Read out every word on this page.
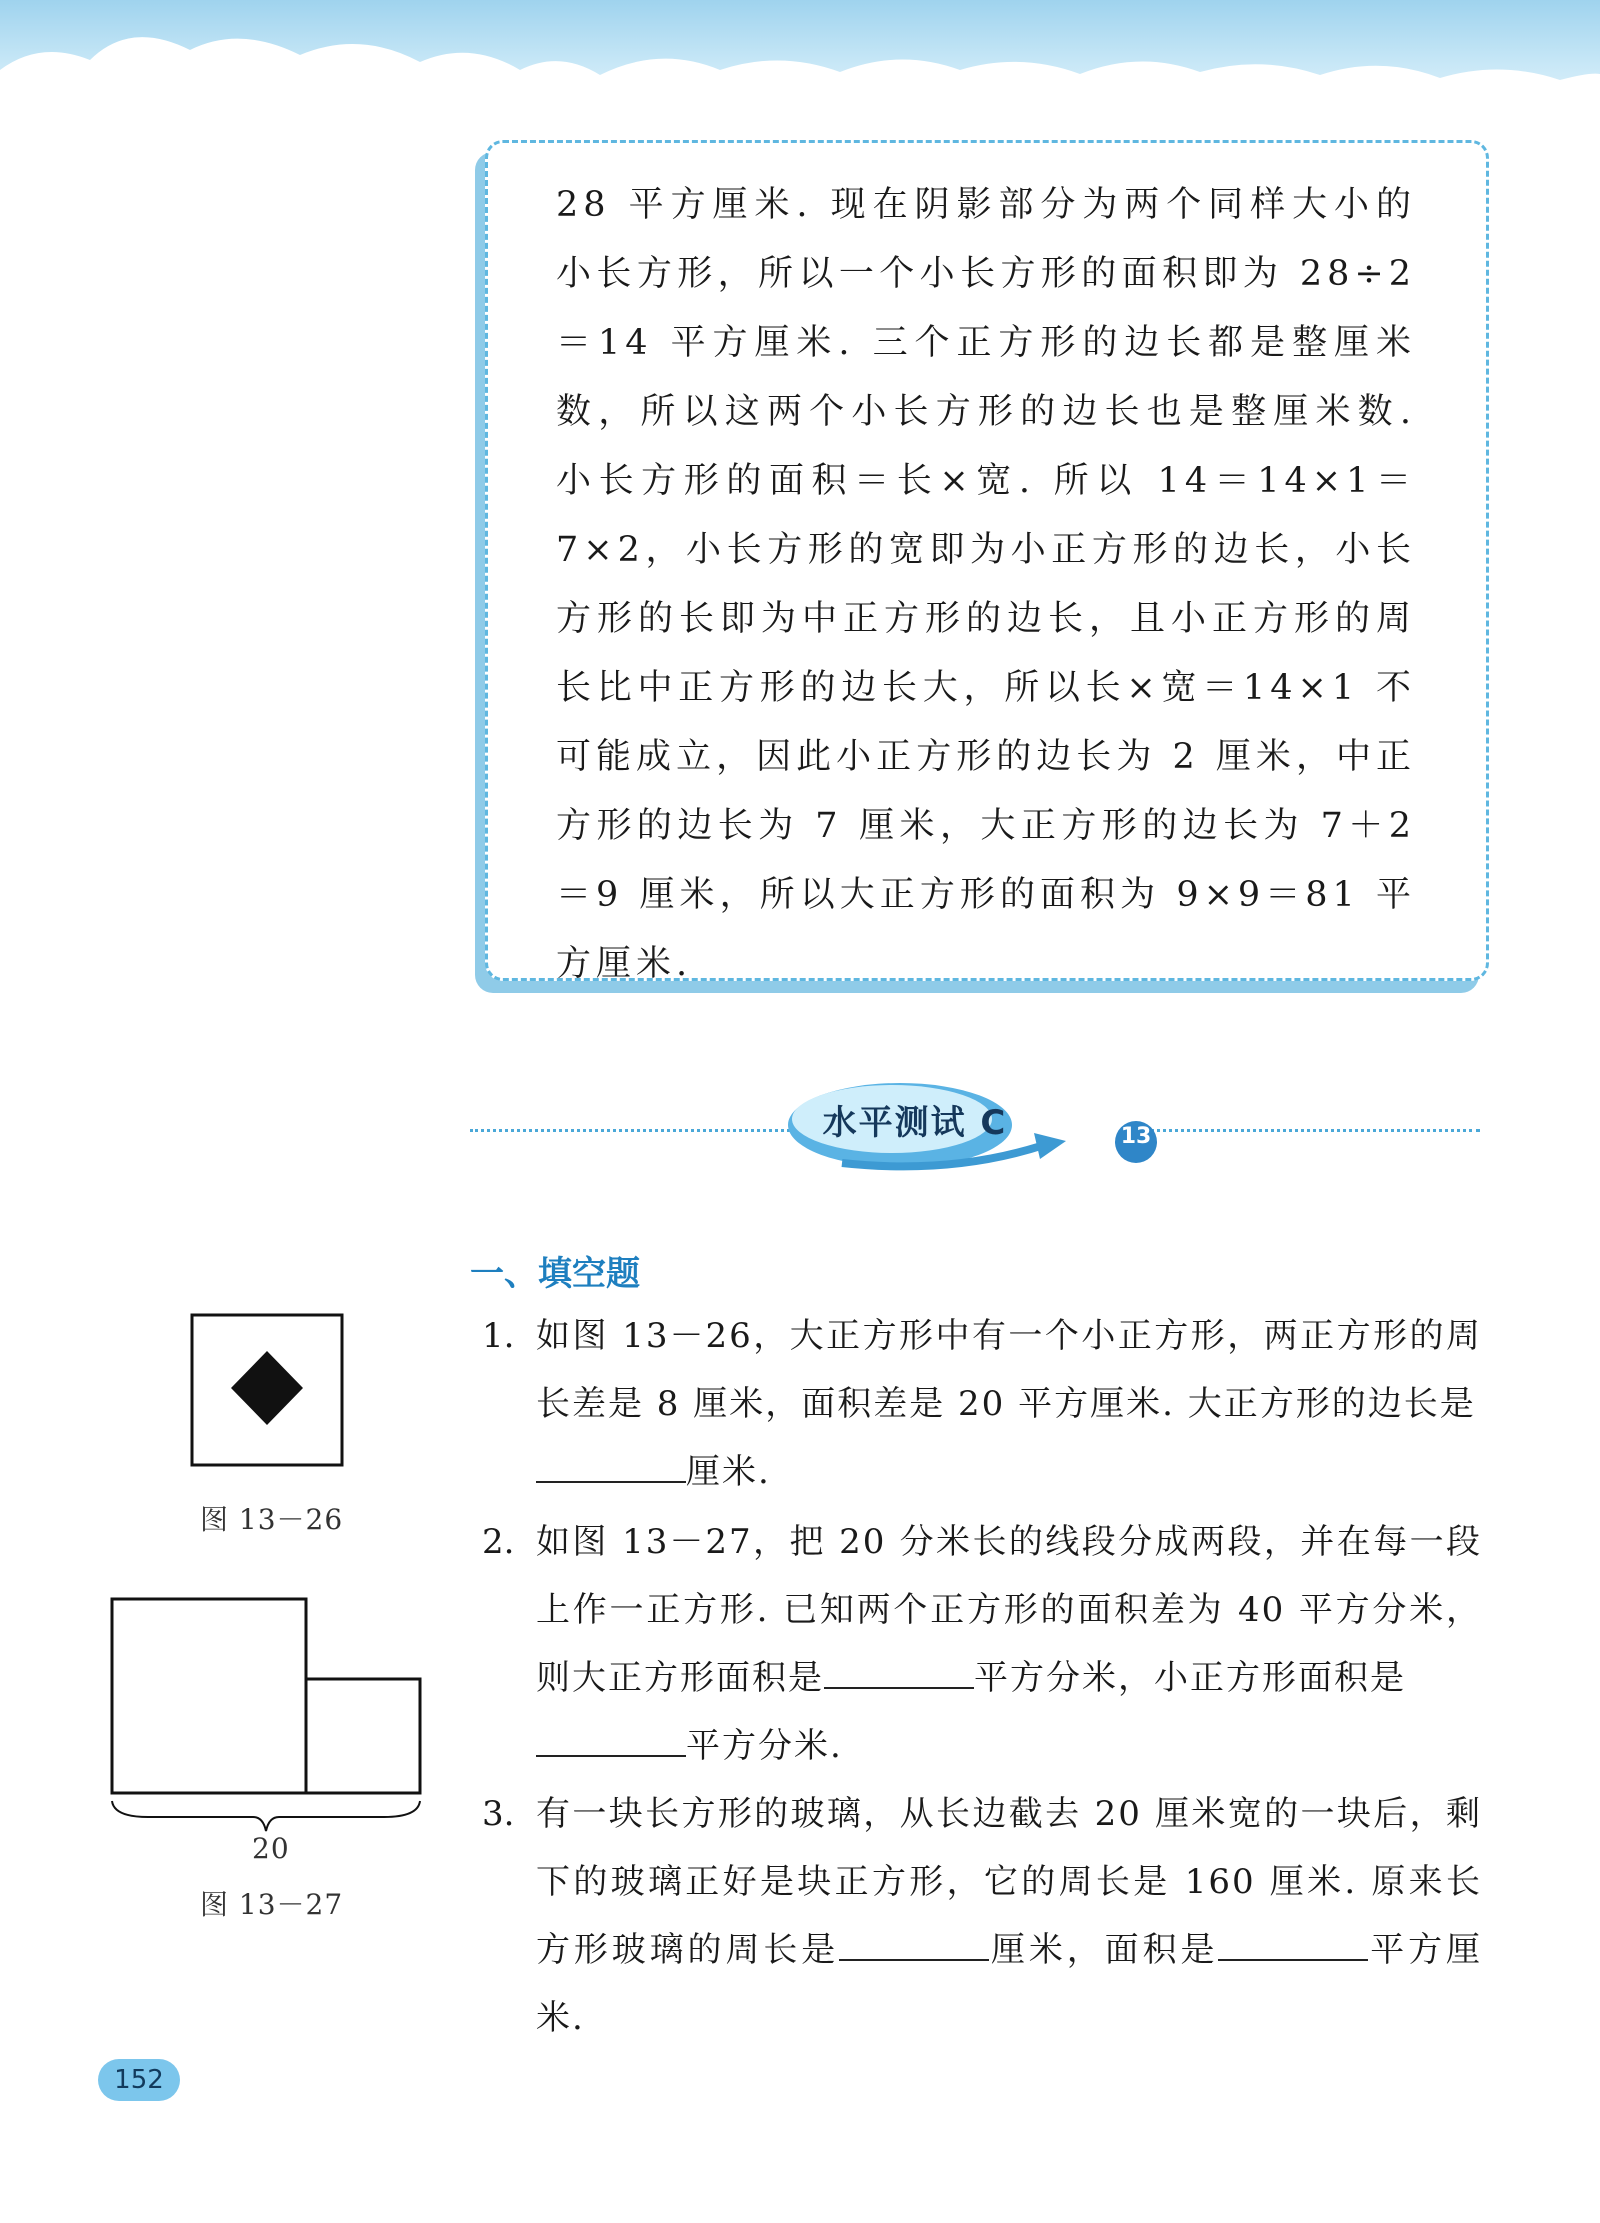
28 平方厘米. 现在阴影部分为两个同样大小的小长方形，所以一个小长方形的面积即为 28÷2＝14 平方厘米. 三个正方形的边长都是整厘米数，所以这两个小长方形的边长也是整厘米数. 小长方形的面积＝长×宽. 所以 14＝14×1＝7×2，小长方形的宽即为小正方形的边长，小长方形的长即为中正方形的边长，且小正方形的周长比中正方形的边长大，所以长×宽＝14×1 不可能成立，因此小正方形的边长为 2 厘米，中正方形的边长为 7 厘米，大正方形的边长为 7＋2＝9 厘米，所以大正方形的面积为 9×9＝81 平方厘米.
水平测试 C	13
一、填空题
图 13－26
20
图 13－27
1. 如图 13－26，大正方形中有一个小正方形，两正方形的周长差是 8 厘米，面积差是 20 平方厘米. 大正方形的边长是
厘米.
2. 如图 13－27，把 20 分米长的线段分成两段，并在每一段上作一正方形. 已知两个正方形的面积差为 40 平方分米，则大正方形面积是	平方分米，小正方形面积是
平方分米.
3. 有一块长方形的玻璃，从长边截去 20 厘米宽的一块后，剩下的玻璃正好是块正方形，它的周长是 160 厘米. 原来长方形玻璃的周长是	厘米，面积是	平方厘米.
152
